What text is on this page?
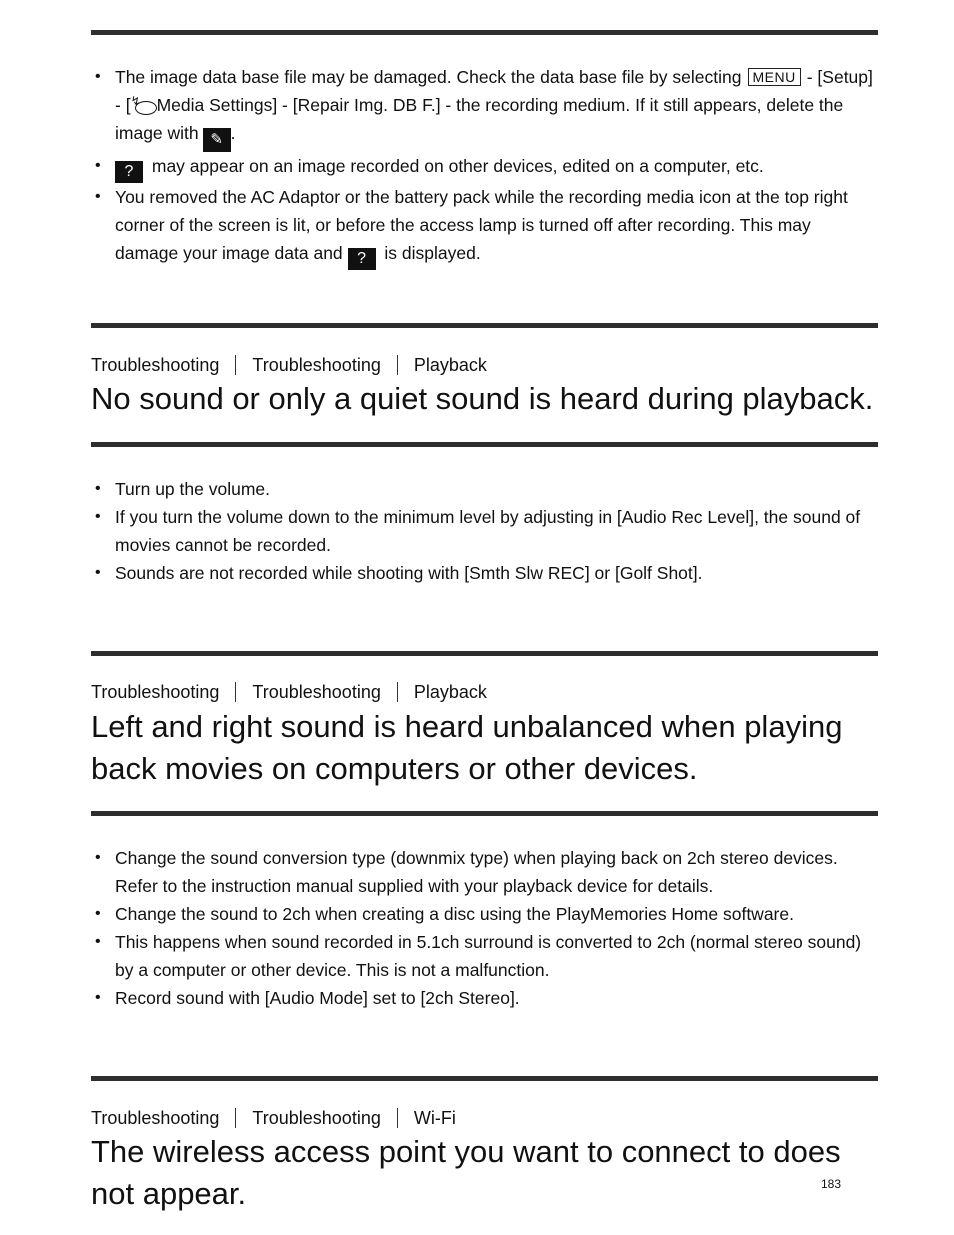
• The image data base file may be damaged. Check the data base file by selecting MENU - [Setup] - [ ↯ Media Settings] - [Repair Img. DB F.] - the recording medium. If it still appears, delete the image with ✎ .
• ? may appear on an image recorded on other devices, edited on a computer, etc.
• You removed the AC Adaptor or the battery pack while the recording media icon at the top right corner of the screen is lit, or before the access lamp is turned off after recording. This may damage your image data and ? is displayed.
Troubleshooting Troubleshooting Playback
No sound or only a quiet sound is heard during playback.
• Turn up the volume.
• If you turn the volume down to the minimum level by adjusting in [Audio Rec Level], the sound of movies cannot be recorded.
• Sounds are not recorded while shooting with [Smth Slw REC] or [Golf Shot].
Troubleshooting Troubleshooting Playback
Left and right sound is heard unbalanced when playing back movies on computers or other devices.
• Change the sound conversion type (downmix type) when playing back on 2ch stereo devices. Refer to the instruction manual supplied with your playback device for details.
• Change the sound to 2ch when creating a disc using the PlayMemories Home software.
• This happens when sound recorded in 5.1ch surround is converted to 2ch (normal stereo sound) by a computer or other device. This is not a malfunction.
• Record sound with [Audio Mode] set to [2ch Stereo].
Troubleshooting Troubleshooting Wi-Fi
The wireless access point you want to connect to does not appear.	183
